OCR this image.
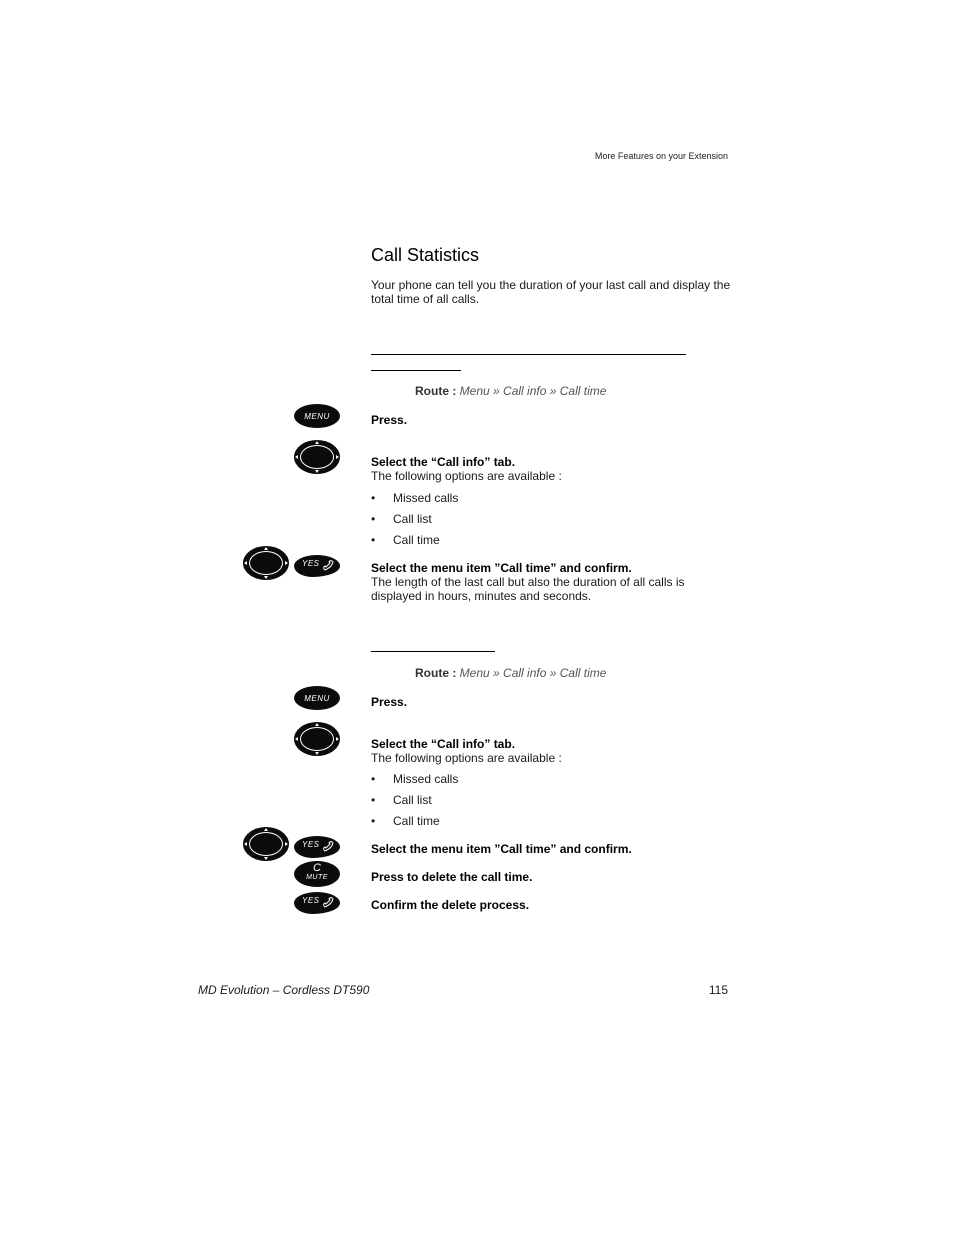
More Features on your Extension
Call Statistics
Your phone can tell you the duration of your last call and display the total time of all calls.
Route : Menu » Call info » Call time
MENU	Press.
Select the “Call info” tab.
The following options are available :
• Missed calls
• Call list
• Call time
YES	Select the menu item ”Call time” and confirm.
The length of the last call but also the duration of all calls is displayed in hours, minutes and seconds.
Route : Menu » Call info » Call time
MENU	Press.
Select the “Call info” tab.
The following options are available :
• Missed calls
• Call list
• Call time
YES	Select the menu item ”Call time” and confirm.
C
MUTE	Press to delete the call time.
YES	Confirm the delete process.
MD Evolution – Cordless DT590	115
